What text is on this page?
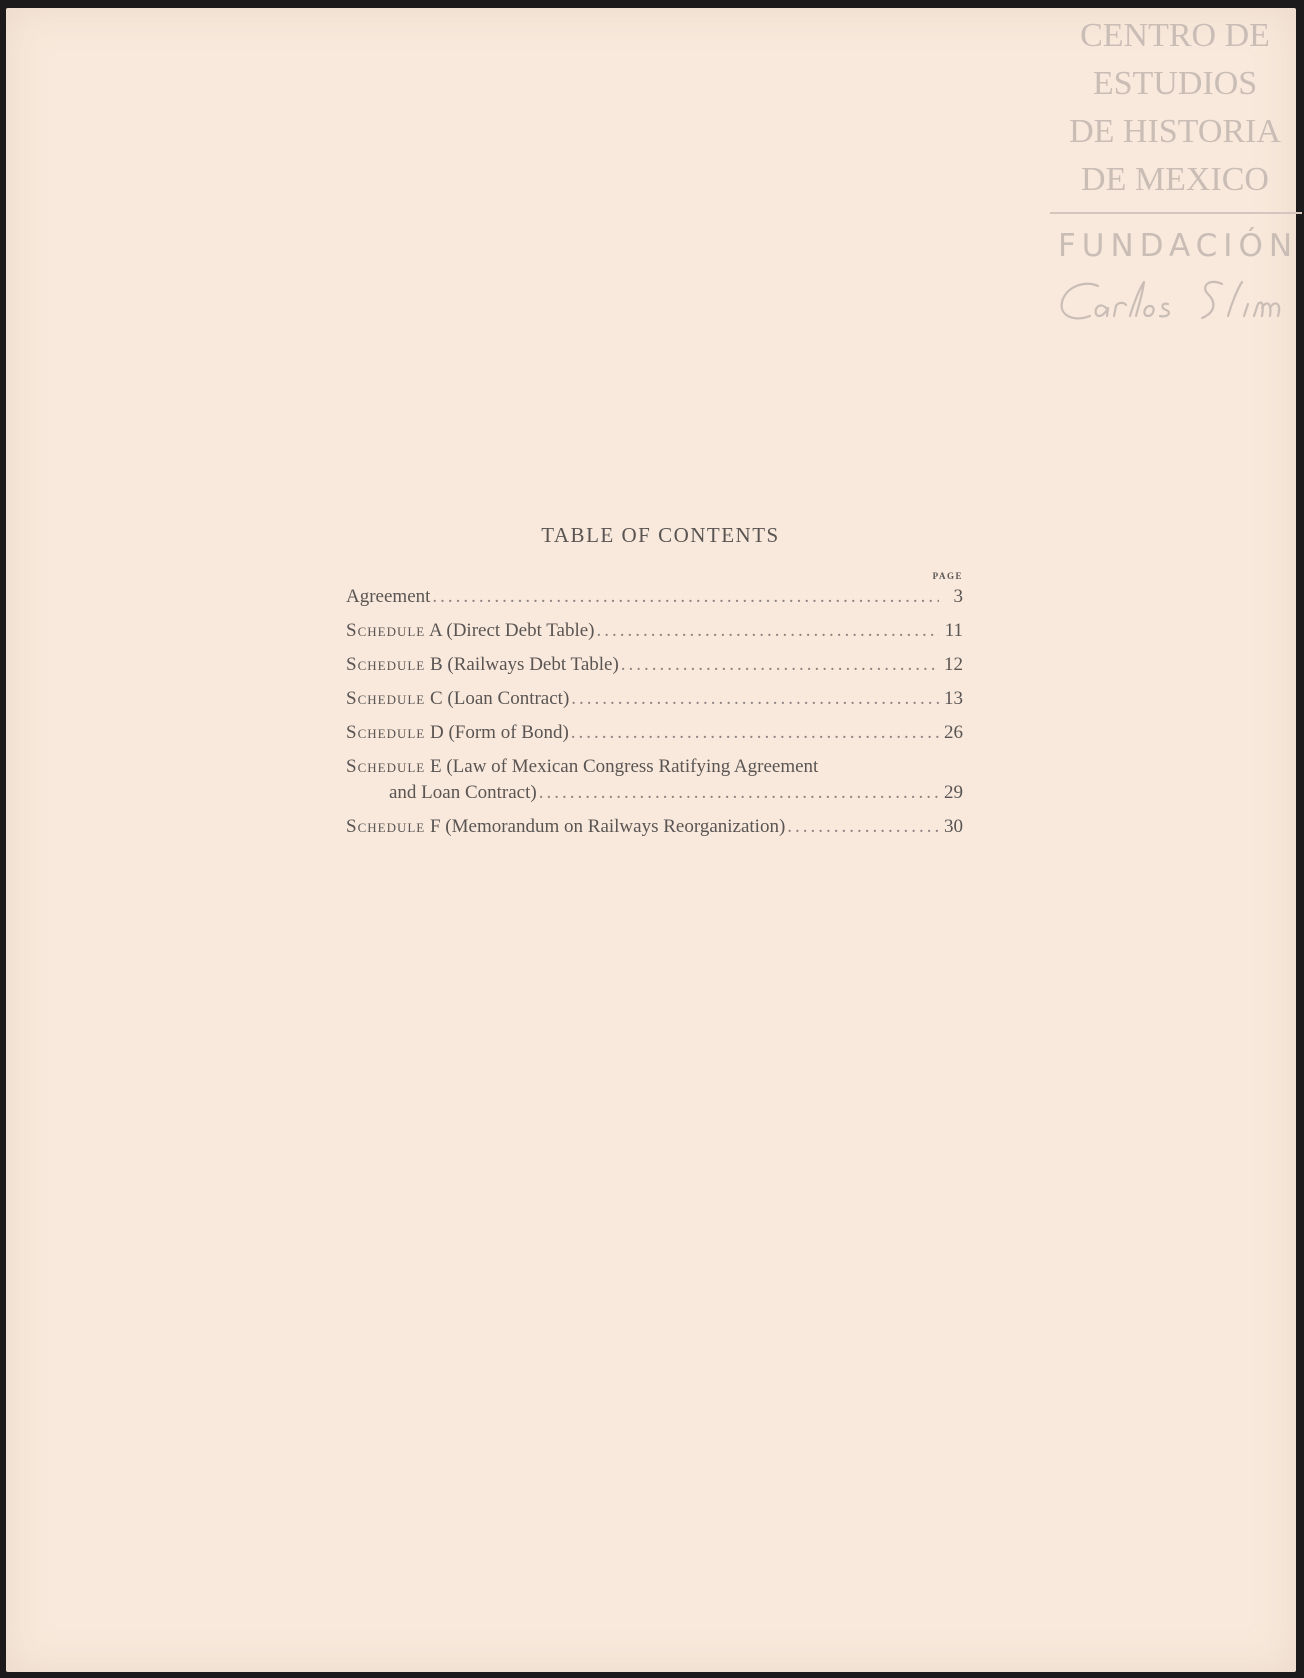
CENTRO DE
ESTUDIOS
DE HISTORIA
DE MEXICO
FUNDACIÓN
TABLE OF CONTENTS
PAGE
Agreement .....	3
Schedule A (Direct Debt Table) .....	11
Schedule B (Railways Debt Table) .....	12
Schedule C (Loan Contract) .....	13
Schedule D (Form of Bond) .....	26
Schedule E (Law of Mexican Congress Ratifying Agreement
and Loan Contract) .....	29
Schedule F (Memorandum on Railways Reorganization) .....	30
